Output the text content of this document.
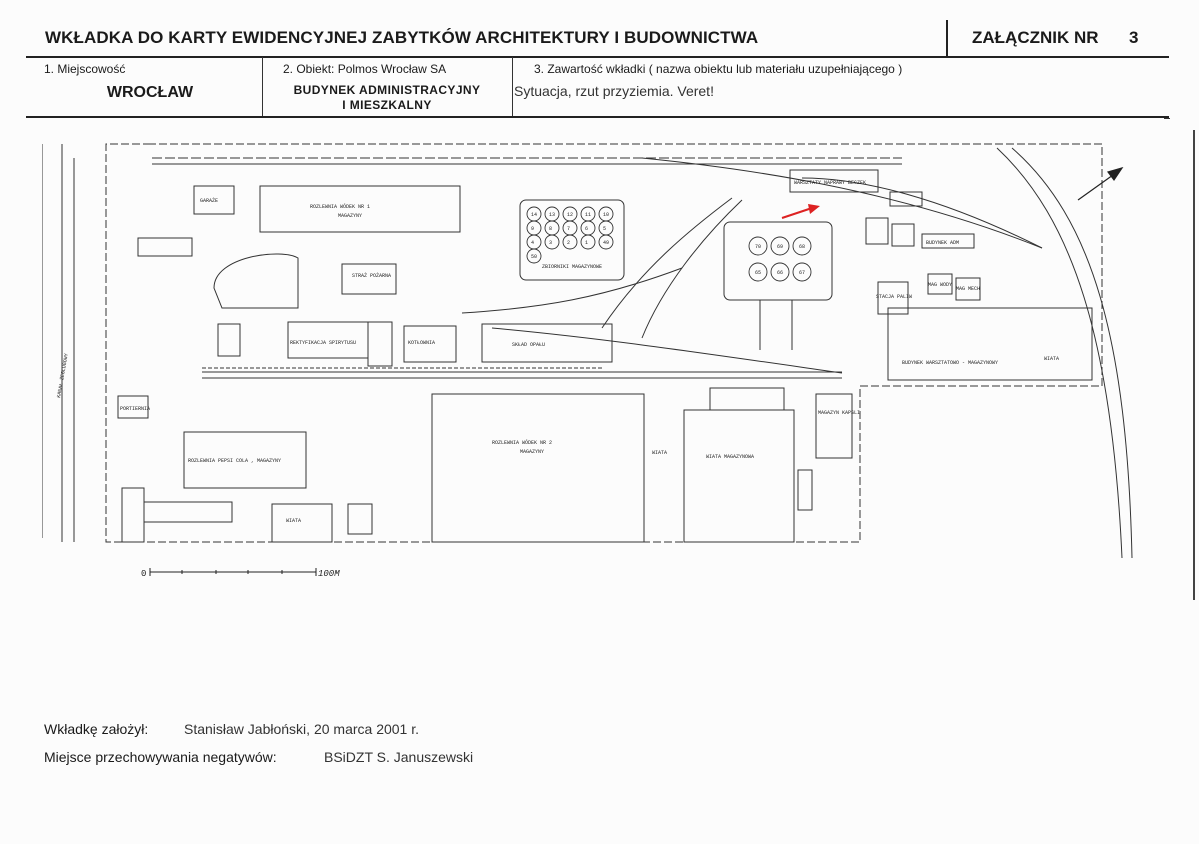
WKŁADKA DO KARTY EWIDENCYJNEJ ZABYTKÓW ARCHITEKTURY I BUDOWNICTWA	ZAŁĄCZNIK NR 3
1. Miejscowość
WROCŁAW
2. Obiekt: Polmos Wrocław SA
BUDYNEK ADMINISTRACYJNY
I MIESZKALNY
3. Zawartość wkładki ( nazwa obiektu lub materiału uzupełniającego )
Sytuacja, rzut przyziemia. Veret!
14 13 12 11 10
9	8	7	6	5
4	3	2	1	49
50
70	69	68
65	66	67
0	100M
ROZLEWNIA WÓDEK NR 1
MAGAZYNY
GARAŻE
STRAŻ POŻARNA
REKTYFIKACJA SPIRYTUSU	KOTŁOWNIA	SKŁAD OPAŁU
ZBIORNIKI MAGAZYNOWE
PORTIERNIA
ROZLEWNIA PEPSI COLA , MAGAZYNY
ROZLEWNIA WÓDEK NR 2
MAGAZYNY
WIATA
WIATA
WIATA MAGAZYNOWA
WIATA
BUDYNEK WARSZTATOWO - MAGAZYNOWY
WARSZTATY NAPRAWY BECZEK
MAGAZYN KAPSLI
MAG WODY
MAG MECH
STACJA PALIW
BUDYNEK ADM
KANAŁ ŻEGLUGOWY
Wkładkę założył:	Stanisław Jabłoński, 20 marca 2001 r.
Miejsce przechowywania negatywów:	BSiDZT S. Januszewski
